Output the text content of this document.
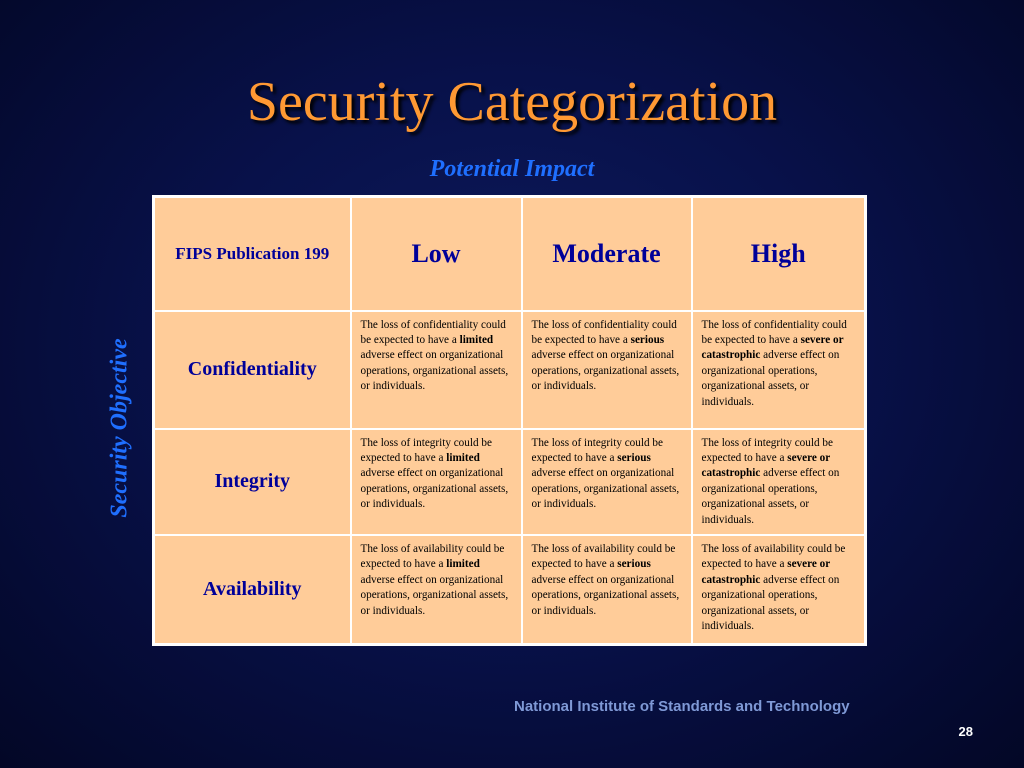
Security Categorization
Potential Impact
Security Objective
FIPS Publication 199	Low	Moderate	High
Confidentiality	The loss of confidentiality could be expected to have a limited adverse effect on organizational operations, organizational assets, or individuals.	The loss of confidentiality could be expected to have a serious adverse effect on organizational operations, organizational assets, or individuals.	The loss of confidentiality could be expected to have a severe or catastrophic adverse effect on organizational operations, organizational assets, or individuals.
Integrity	The loss of integrity could be expected to have a limited adverse effect on organizational operations, organizational assets, or individuals.	The loss of integrity could be expected to have a serious adverse effect on organizational operations, organizational assets, or individuals.	The loss of integrity could be expected to have a severe or catastrophic adverse effect on organizational operations, organizational assets, or individuals.
Availability	The loss of availability could be expected to have a limited adverse effect on organizational operations, organizational assets, or individuals.	The loss of availability could be expected to have a serious adverse effect on organizational operations, organizational assets, or individuals.	The loss of availability could be expected to have a severe or catastrophic adverse effect on organizational operations, organizational assets, or individuals.
National Institute of Standards and Technology
28
